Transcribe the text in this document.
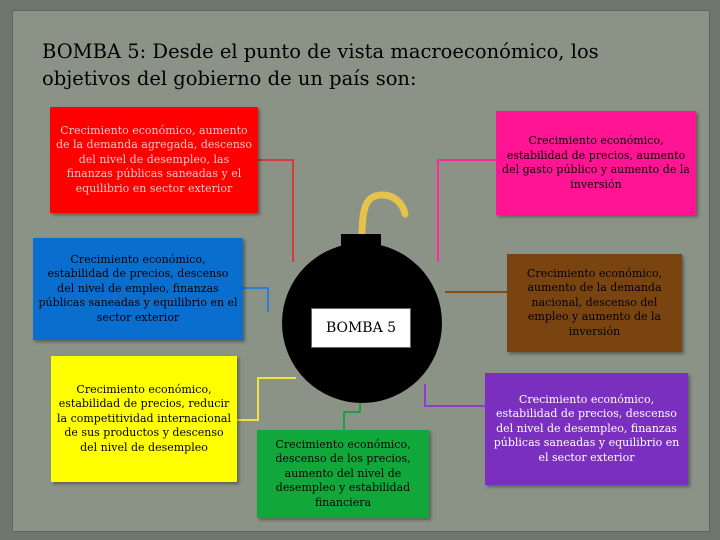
BOMBA 5: Desde el punto de vista macroeconómico, los objetivos del gobierno de un país son:
BOMBA 5
Crecimiento económico, aumento de la demanda agregada, descenso del nivel de desempleo, las finanzas públicas saneadas y el equilibrio en sector exterior
Crecimiento económico, estabilidad de precios, descenso del nivel de empleo, finanzas públicas saneadas y equilibrio en el sector exterior
Crecimiento económico, estabilidad de precios, reducir la competitividad internacional de sus productos y descenso del nivel de desempleo
Crecimiento económico, estabilidad de precios, aumento del gasto público y aumento de la inversión
Crecimiento económico, aumento de la demanda nacional, descenso del empleo y aumento de la inversión
Crecimiento económico, estabilidad de precios, descenso del nivel de desempleo, finanzas públicas saneadas y equilibrio en el sector exterior
Crecimiento económico, descenso de los precios, aumento del nivel de desempleo y estabilidad financiera
